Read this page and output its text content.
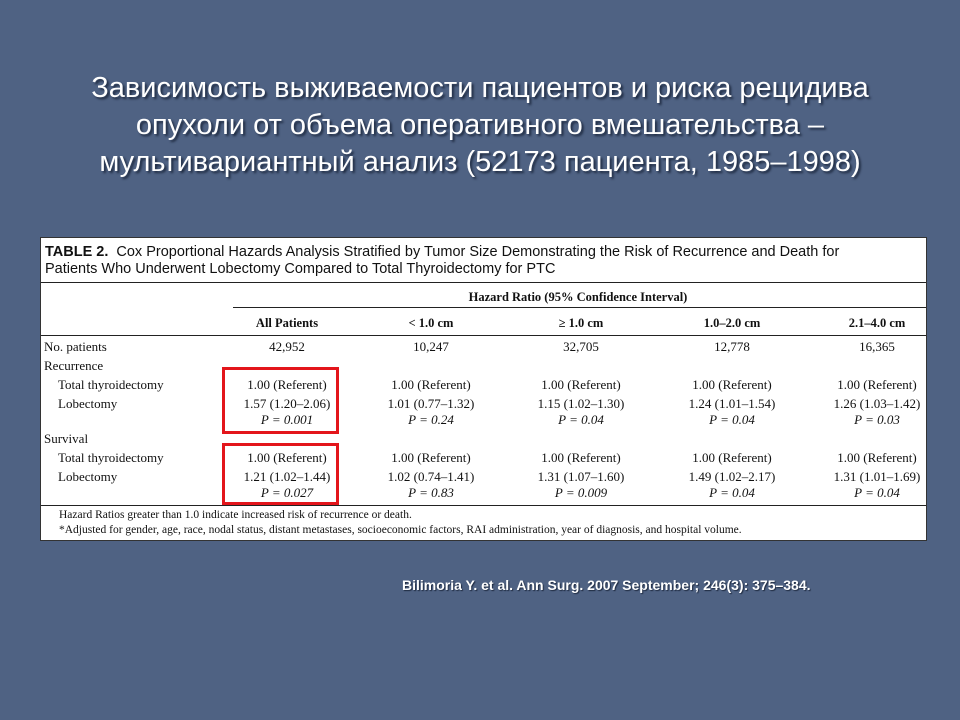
Зависимость выживаемости пациентов и риска рецидива
опухоли от объема оперативного вмешательства –
мультивариантный анализ (52173 пациента, 1985–1998)
TABLE 2. Cox Proportional Hazards Analysis Stratified by Tumor Size Demonstrating the Risk of Recurrence and Death for
Patients Who Underwent Lobectomy Compared to Total Thyroidectomy for PTC
Hazard Ratio (95% Confidence Interval)
All Patients	< 1.0 cm	≥ 1.0 cm	1.0–2.0 cm	2.1–4.0 cm
No. patients	42,952	10,247	32,705	12,778	16,365
Recurrence
Total thyroidectomy	1.00 (Referent)	1.00 (Referent)	1.00 (Referent)	1.00 (Referent)	1.00 (Referent)
Lobectomy	1.57 (1.20–2.06)	1.01 (0.77–1.32)	1.15 (1.02–1.30)	1.24 (1.01–1.54)	1.26 (1.03–1.42)
P = 0.001	P = 0.24	P = 0.04	P = 0.04	P = 0.03
Survival
Total thyroidectomy	1.00 (Referent)	1.00 (Referent)	1.00 (Referent)	1.00 (Referent)	1.00 (Referent)
Lobectomy	1.21 (1.02–1.44)	1.02 (0.74–1.41)	1.31 (1.07–1.60)	1.49 (1.02–2.17)	1.31 (1.01–1.69)
P = 0.027	P = 0.83	P = 0.009	P = 0.04	P = 0.04
Hazard Ratios greater than 1.0 indicate increased risk of recurrence or death.
*Adjusted for gender, age, race, nodal status, distant metastases, socioeconomic factors, RAI administration, year of diagnosis, and hospital volume.
Bilimoria Y. et al. Ann Surg. 2007 September; 246(3): 375–384.
